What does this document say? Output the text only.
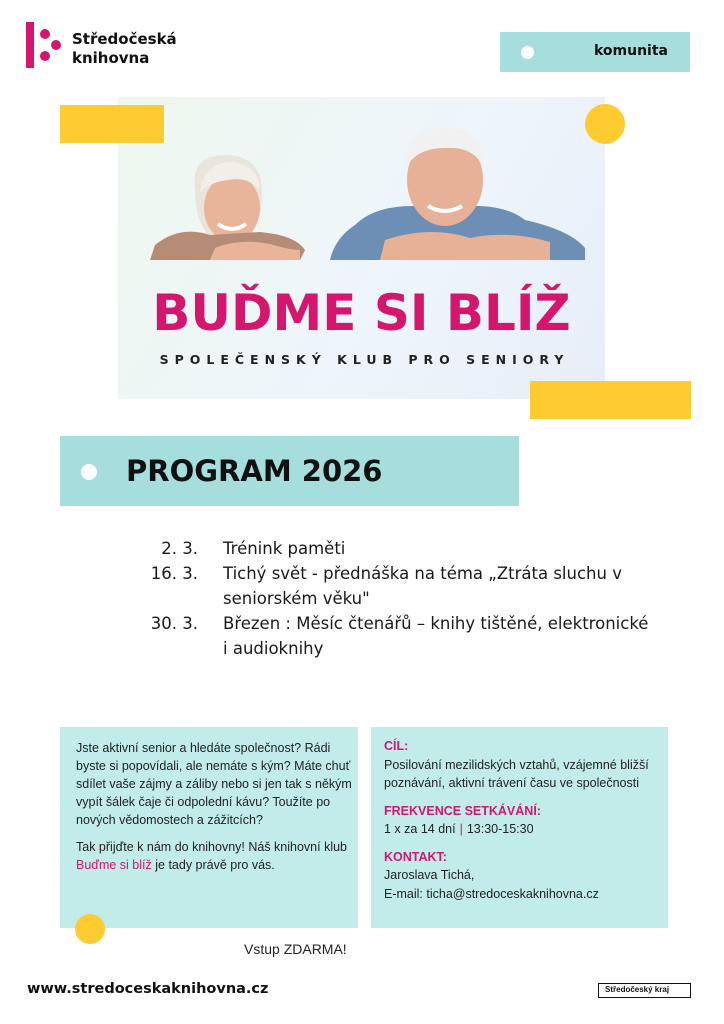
Středočeská
knihovna	komunita
BUĎME SI BLÍŽ
SPOLEČENSKÝ KLUB PRO SENIORY
PROGRAM 2026
2. 3.	Trénink paměti
16. 3.	Tichý svět - přednáška na téma „Ztráta sluchu v seniorském věku"
30. 3.	Březen : Měsíc čtenářů – knihy tištěné, elektronické i audioknihy

Jste aktivní senior a hledáte společnost? Rádi byste si popovídali, ale nemáte s kým? Máte chuť sdílet vaše zájmy a záliby nebo si jen tak s někým vypít šálek čaje či odpolední kávu? Toužíte po nových vědomostech a zážitcích?

Tak přijďte k nám do knihovny! Náš knihovní klub Buďme si blíž je tady právě pro vás.

CÍL:
Posilování mezilidských vztahů, vzájemné bližší poznávání, aktivní trávení času ve společnosti
FREKVENCE SETKÁVÁNÍ:
1 x za 14 dní | 13:30-15:30
KONTAKT:
Jaroslava Tichá,
E-mail: ticha@stredoceskaknihovna.cz
Vstup ZDARMA!
www.stredoceskaknihovna.cz	Středočeský kraj
